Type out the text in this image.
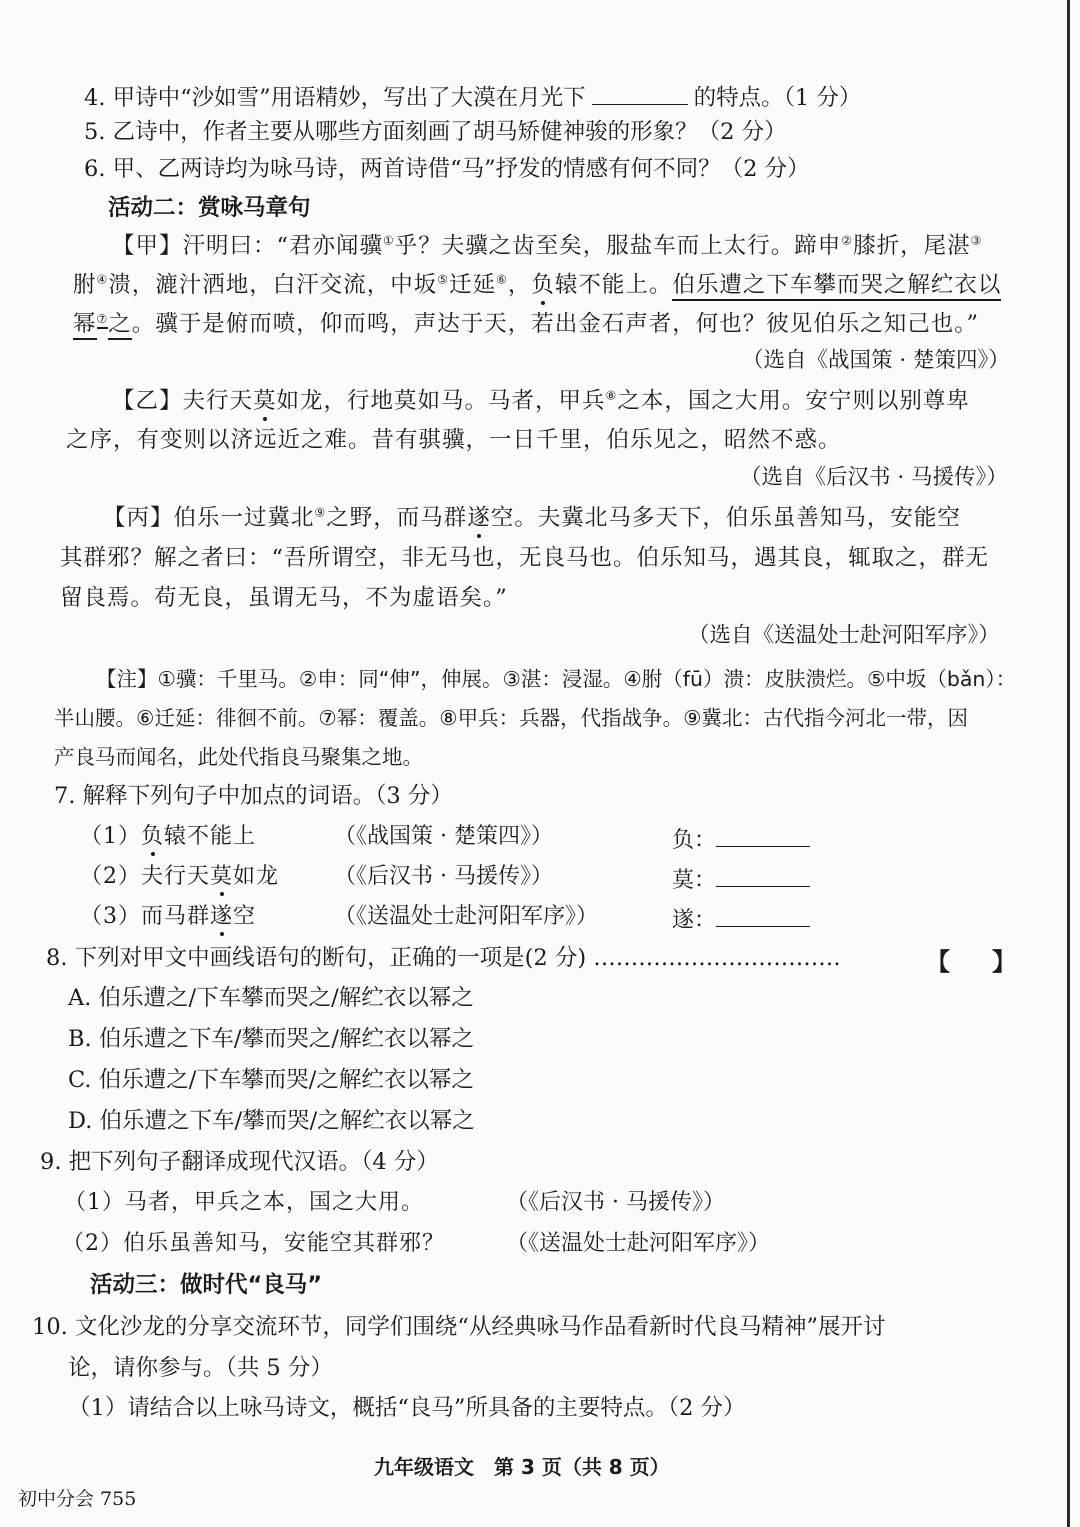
4. 甲诗中“沙如雪”用语精妙，写出了大漠在月光下	的特点。（1 分）
5. 乙诗中，作者主要从哪些方面刻画了胡马矫健神骏的形象？（2 分）
6. 甲、乙两诗均为咏马诗，两首诗借“马”抒发的情感有何不同？（2 分）
活动二：赏咏马章句
【甲】汗明曰：“君亦闻骥①乎？夫骥之齿至矣，服盐车而上太行。蹄申②膝折，尾湛③
胕④溃，漉汁洒地，白汗交流，中坂⑤迁延⑥，负辕不能上。伯乐遭之下车攀而哭之解纻衣以
幂⑦之。骥于是俯而喷，仰而鸣，声达于天，若出金石声者，何也？彼见伯乐之知己也。”
（选自《战国策 · 楚策四》）
【乙】夫行天莫如龙，行地莫如马。马者，甲兵⑧之本，国之大用。安宁则以别尊卑
之序，有变则以济远近之难。昔有骐骥，一日千里，伯乐见之，昭然不惑。
（选自《后汉书 · 马援传》）
【丙】伯乐一过冀北⑨之野，而马群遂空。夫冀北马多天下，伯乐虽善知马，安能空
其群邪？解之者曰：“吾所谓空，非无马也，无良马也。伯乐知马，遇其良，辄取之，群无
留良焉。苟无良，虽谓无马，不为虚语矣。”
（选自《送温处士赴河阳军序》）
【注】①骥：千里马。②申：同“伸”，伸展。③湛：浸湿。④胕（fū）溃：皮肤溃烂。⑤中坂（bǎn）：
半山腰。⑥迁延：徘徊不前。⑦幂：覆盖。⑧甲兵：兵器，代指战争。⑨冀北：古代指今河北一带，因
产良马而闻名，此处代指良马聚集之地。
7. 解释下列句子中加点的词语。（3 分）
（1）负辕不能上	（《战国策 · 楚策四》）	负：
（2）夫行天莫如龙 （《后汉书 · 马援传》）	莫：
（3）而马群遂空	（《送温处士赴河阳军序》）	遂：
8. 下列对甲文中画线语句的断句，正确的一项是(2 分) ……………………………	【 】
A. 伯乐遭之/下车攀而哭之/解纻衣以幂之
B. 伯乐遭之下车/攀而哭之/解纻衣以幂之
C. 伯乐遭之/下车攀而哭/之解纻衣以幂之
D. 伯乐遭之下车/攀而哭/之解纻衣以幂之
9. 把下列句子翻译成现代汉语。（4 分）
（1）马者，甲兵之本，国之大用。	（《后汉书 · 马援传》）
（2）伯乐虽善知马，安能空其群邪？	（《送温处士赴河阳军序》）
活动三：做时代“良马”
10. 文化沙龙的分享交流环节，同学们围绕“从经典咏马作品看新时代良马精神”展开讨
论，请你参与。（共 5 分）
（1）请结合以上咏马诗文，概括“良马”所具备的主要特点。（2 分）
九年级语文　第 3 页（共 8 页）
初中分会 755
